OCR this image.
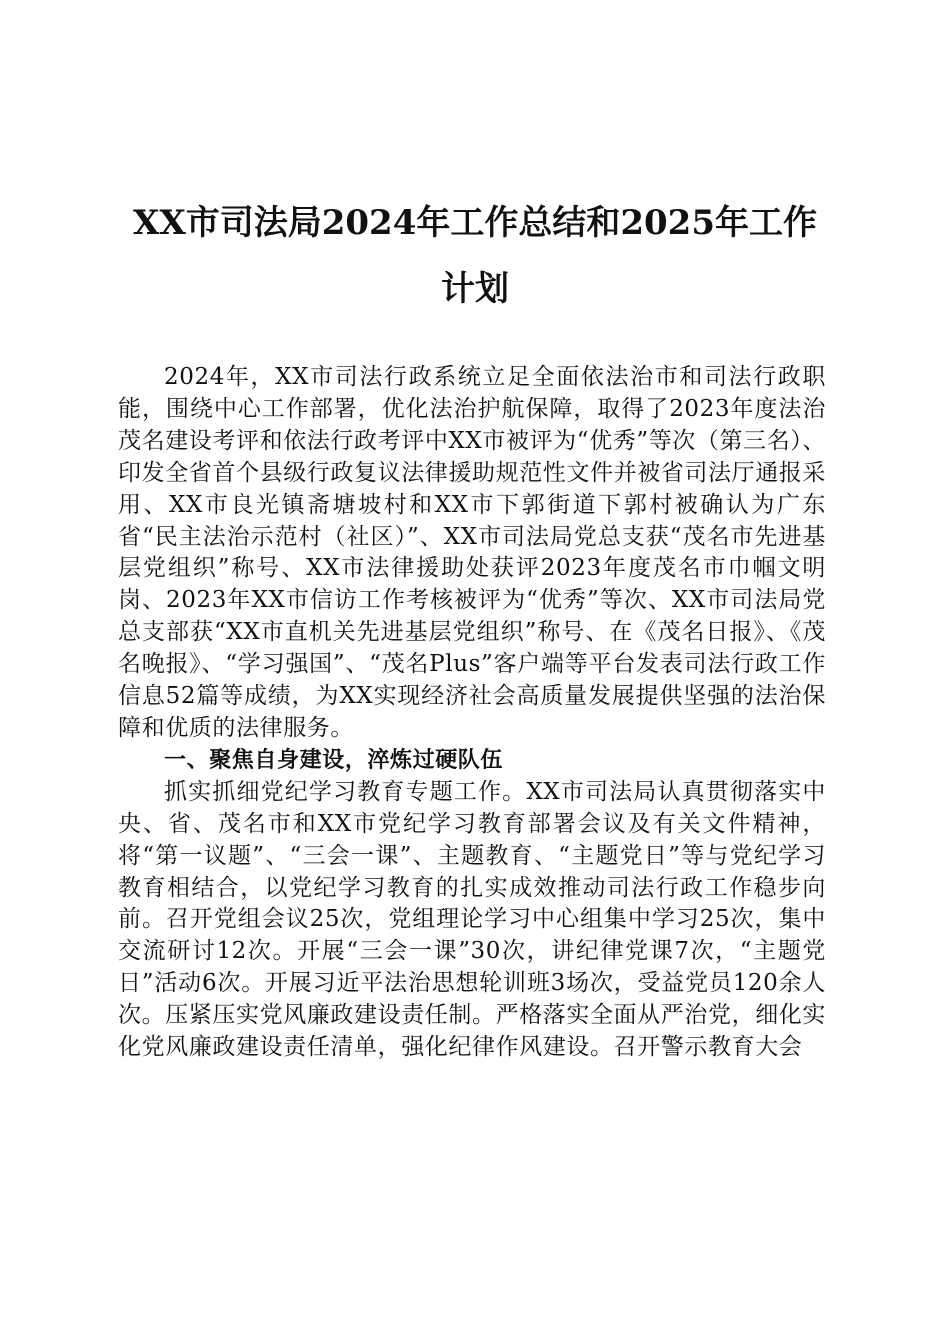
XX市司法局2024年工作总结和2025年工作
计划

2024年，XX市司法行政系统立足全面依法治市和司法行政职能，围绕中心工作部署，优化法治护航保障，取得了2023年度法治茂名建设考评和依法行政考评中XX市被评为“优秀”等次（第三名）、印发全省首个县级行政复议法律援助规范性文件并被省司法厅通报采用、XX市良光镇斋塘坡村和XX市下郭街道下郭村被确认为广东省“民主法治示范村（社区）”、XX市司法局党总支获“茂名市先进基层党组织”称号、XX市法律援助处获评2023年度茂名市巾帼文明岗、2023年XX市信访工作考核被评为“优秀”等次、XX市司法局党总支部获“XX市直机关先进基层党组织”称号、在《茂名日报》、《茂名晚报》、“学习强国”、“茂名Plus”客户端等平台发表司法行政工作信息52篇等成绩，为XX实现经济社会高质量发展提供坚强的法治保障和优质的法律服务。

一、聚焦自身建设，淬炼过硬队伍

抓实抓细党纪学习教育专题工作。XX市司法局认真贯彻落实中央、省、茂名市和XX市党纪学习教育部署会议及有关文件精神，将“第一议题”、“三会一课”、主题教育、“主题党日”等与党纪学习教育相结合，以党纪学习教育的扎实成效推动司法行政工作稳步向前。召开党组会议25次，党组理论学习中心组集中学习25次，集中交流研讨12次。开展“三会一课”30次，讲纪律党课7次，“主题党日”活动6次。开展习近平法治思想轮训班3场次，受益党员120余人次。压紧压实党风廉政建设责任制。严格落实全面从严治党，细化实化党风廉政建设责任清单，强化纪律作风建设。召开警示教育大会
